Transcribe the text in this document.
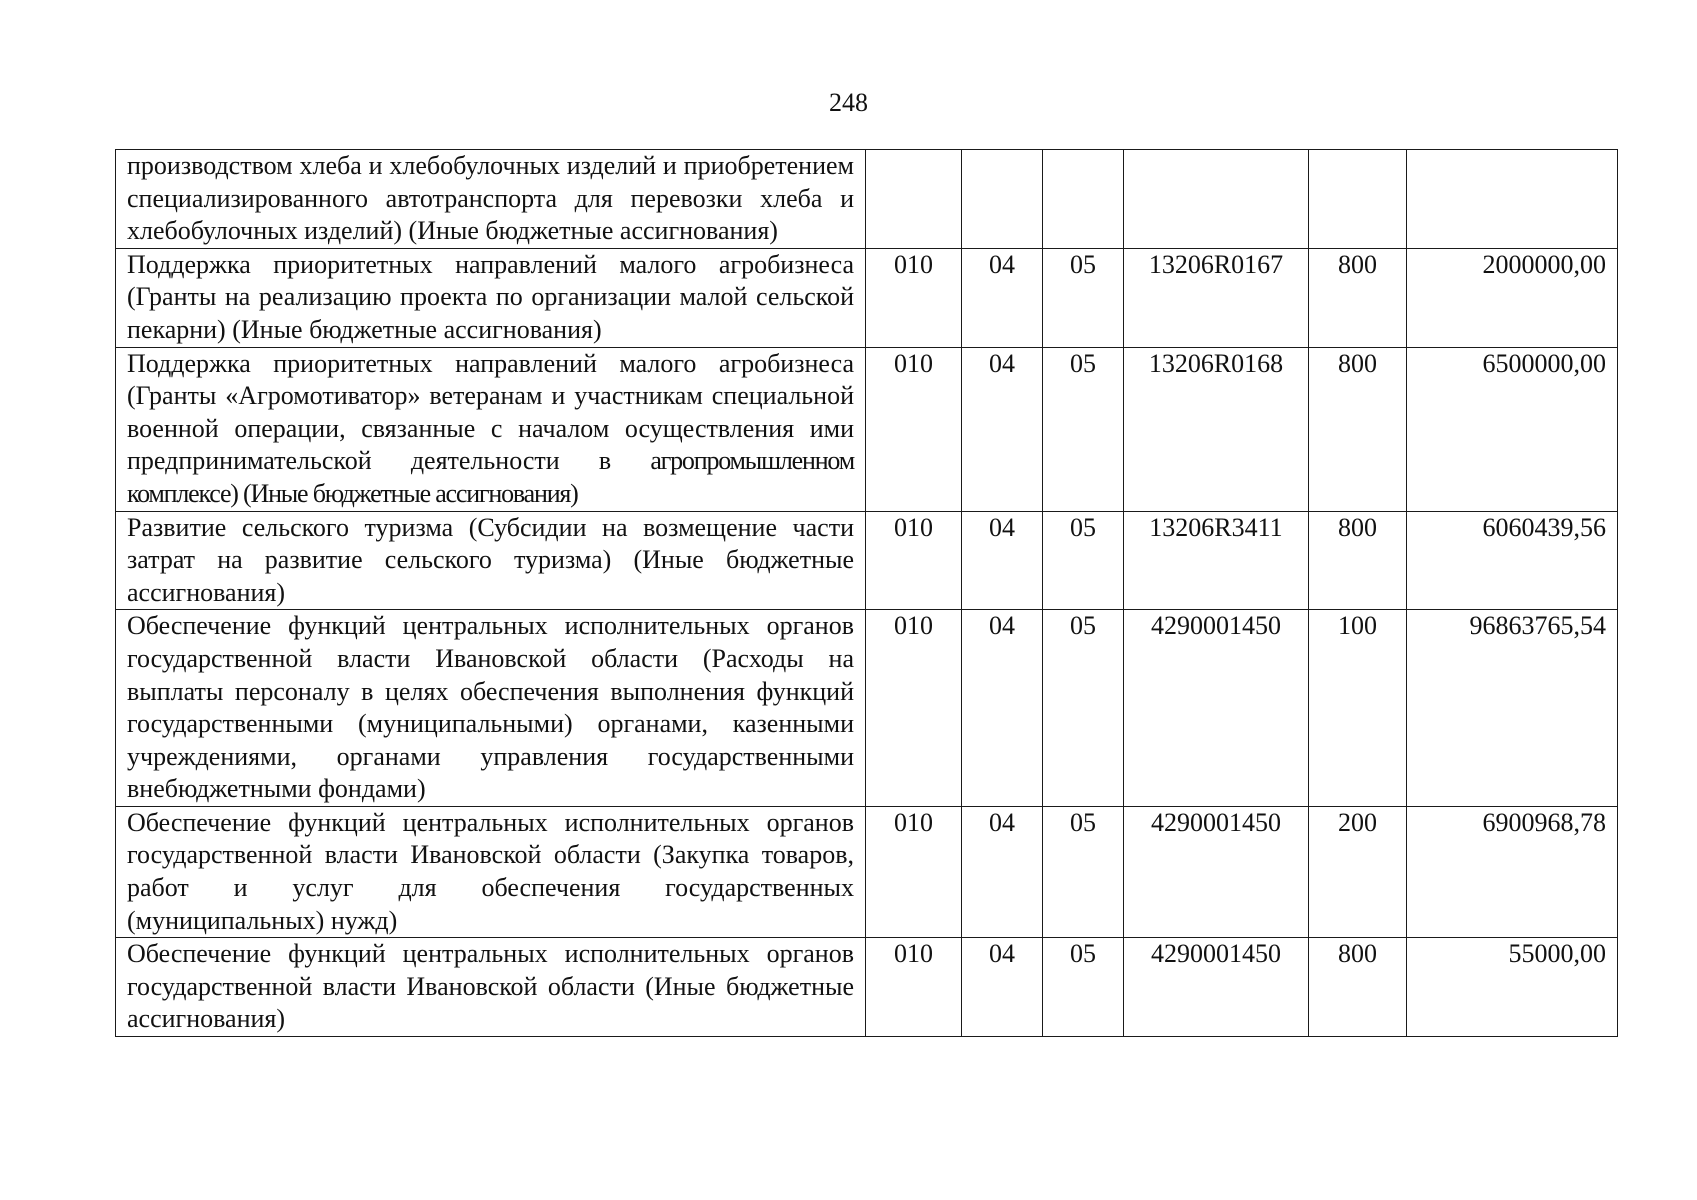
248
производством хлеба и хлебобулочных изделий и приобретением специализированного автотранспорта для перевозки хлеба и хлебобулочных изделий) (Иные бюджетные ассигнования)						
Поддержка приоритетных направлений малого агробизнеса (Гранты на реализацию проекта по организации малой сельской пекарни) (Иные бюджетные ассигнования)	010	04	05	13206R0167	800	2000000,00
Поддержка приоритетных направлений малого агробизнеса (Гранты «Агромотиватор» ветеранам и участникам специальной военной операции, связанные с началом осуществления ими предпринимательской деятельности в агропромышленном комплексе) (Иные бюджетные ассигнования)	010	04	05	13206R0168	800	6500000,00
Развитие сельского туризма (Субсидии на возмещение части затрат на развитие сельского туризма) (Иные бюджетные ассигнования)	010	04	05	13206R3411	800	6060439,56
Обеспечение функций центральных исполнительных органов государственной власти Ивановской области (Расходы на выплаты персоналу в целях обеспечения выполнения функций государственными (муниципальными) органами, казенными учреждениями, органами управления государственными внебюджетными фондами)	010	04	05	4290001450	100	96863765,54
Обеспечение функций центральных исполнительных органов государственной власти Ивановской области (Закупка товаров, работ и услуг для обеспечения государственных (муниципальных) нужд)	010	04	05	4290001450	200	6900968,78
Обеспечение функций центральных исполнительных органов государственной власти Ивановской области (Иные бюджетные ассигнования)	010	04	05	4290001450	800	55000,00
